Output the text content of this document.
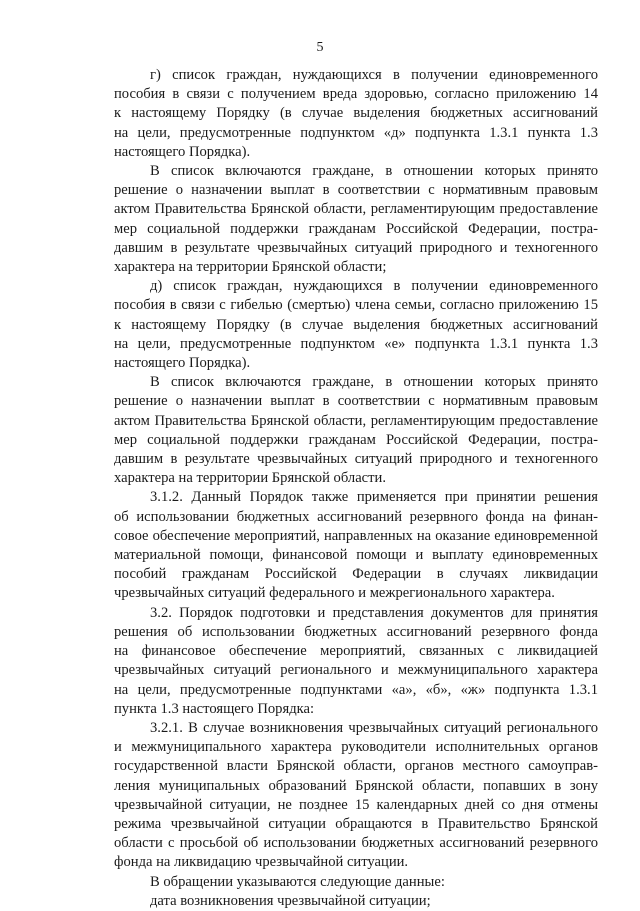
5
г) список граждан, нуждающихся в получении единовременного
пособия в связи с получением вреда здоровью, согласно приложению 14
к настоящему Порядку (в случае выделения бюджетных ассигнований
на цели, предусмотренные подпунктом «д» подпункта 1.3.1 пункта 1.3
настоящего Порядка).
В список включаются граждане, в отношении которых принято
решение о назначении выплат в соответствии с нормативным правовым
актом Правительства Брянской области, регламентирующим предоставление
мер социальной поддержки гражданам Российской Федерации, постра-
давшим в результате чрезвычайных ситуаций природного и техногенного
характера на территории Брянской области;
д) список граждан, нуждающихся в получении единовременного
пособия в связи с гибелью (смертью) члена семьи, согласно приложению 15
к настоящему Порядку (в случае выделения бюджетных ассигнований
на цели, предусмотренные подпунктом «е» подпункта 1.3.1 пункта 1.3
настоящего Порядка).
В список включаются граждане, в отношении которых принято
решение о назначении выплат в соответствии с нормативным правовым
актом Правительства Брянской области, регламентирующим предоставление
мер социальной поддержки гражданам Российской Федерации, постра-
давшим в результате чрезвычайных ситуаций природного и техногенного
характера на территории Брянской области.
3.1.2. Данный Порядок также применяется при принятии решения
об использовании бюджетных ассигнований резервного фонда на финан-
совое обеспечение мероприятий, направленных на оказание единовременной
материальной помощи, финансовой помощи и выплату единовременных
пособий гражданам Российской Федерации в случаях ликвидации
чрезвычайных ситуаций федерального и межрегионального характера.
3.2. Порядок подготовки и представления документов для принятия
решения об использовании бюджетных ассигнований резервного фонда
на финансовое обеспечение мероприятий, связанных с ликвидацией
чрезвычайных ситуаций регионального и межмуниципального характера
на цели, предусмотренные подпунктами «а», «б», «ж» подпункта 1.3.1
пункта 1.3 настоящего Порядка:
3.2.1. В случае возникновения чрезвычайных ситуаций регионального
и межмуниципального характера руководители исполнительных органов
государственной власти Брянской области, органов местного самоуправ-
ления муниципальных образований Брянской области, попавших в зону
чрезвычайной ситуации, не позднее 15 календарных дней со дня отмены
режима чрезвычайной ситуации обращаются в Правительство Брянской
области с просьбой об использовании бюджетных ассигнований резервного
фонда на ликвидацию чрезвычайной ситуации.
В обращении указываются следующие данные:
дата возникновения чрезвычайной ситуации;
